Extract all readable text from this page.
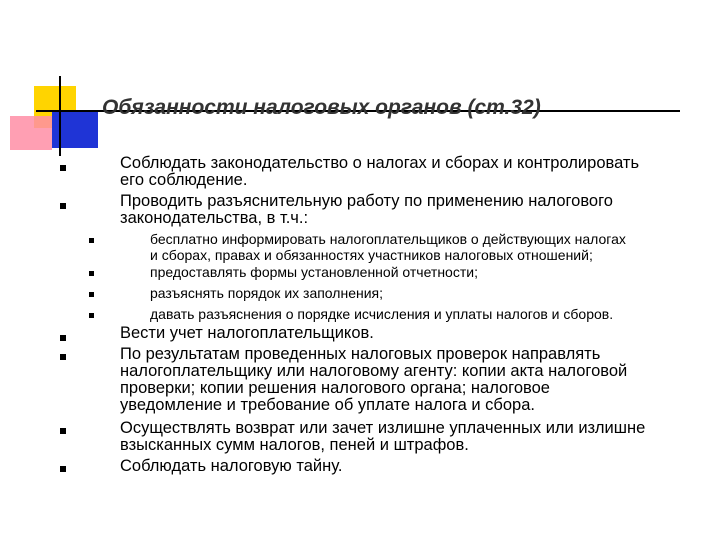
Обязанности налоговых органов (ст.32)
Соблюдать законодательство о налогах и сборах и контролировать
его соблюдение.
Проводить разъяснительную работу по применению налогового
законодательства, в т.ч.:
бесплатно информировать налогоплательщиков о действующих налогах
и сборах, правах и обязанностях участников налоговых отношений;
предоставлять формы установленной отчетности;
разъяснять порядок их заполнения;
давать разъяснения о порядке исчисления и уплаты налогов и сборов.
Вести учет налогоплательщиков.
По результатам проведенных налоговых проверок направлять
налогоплательщику или налоговому агенту: копии акта налоговой
проверки; копии решения налогового органа; налоговое
уведомление и требование об уплате налога и сбора.
Осуществлять возврат или зачет излишне уплаченных или излишне
взысканных сумм налогов, пеней и штрафов.
Соблюдать налоговую тайну.
